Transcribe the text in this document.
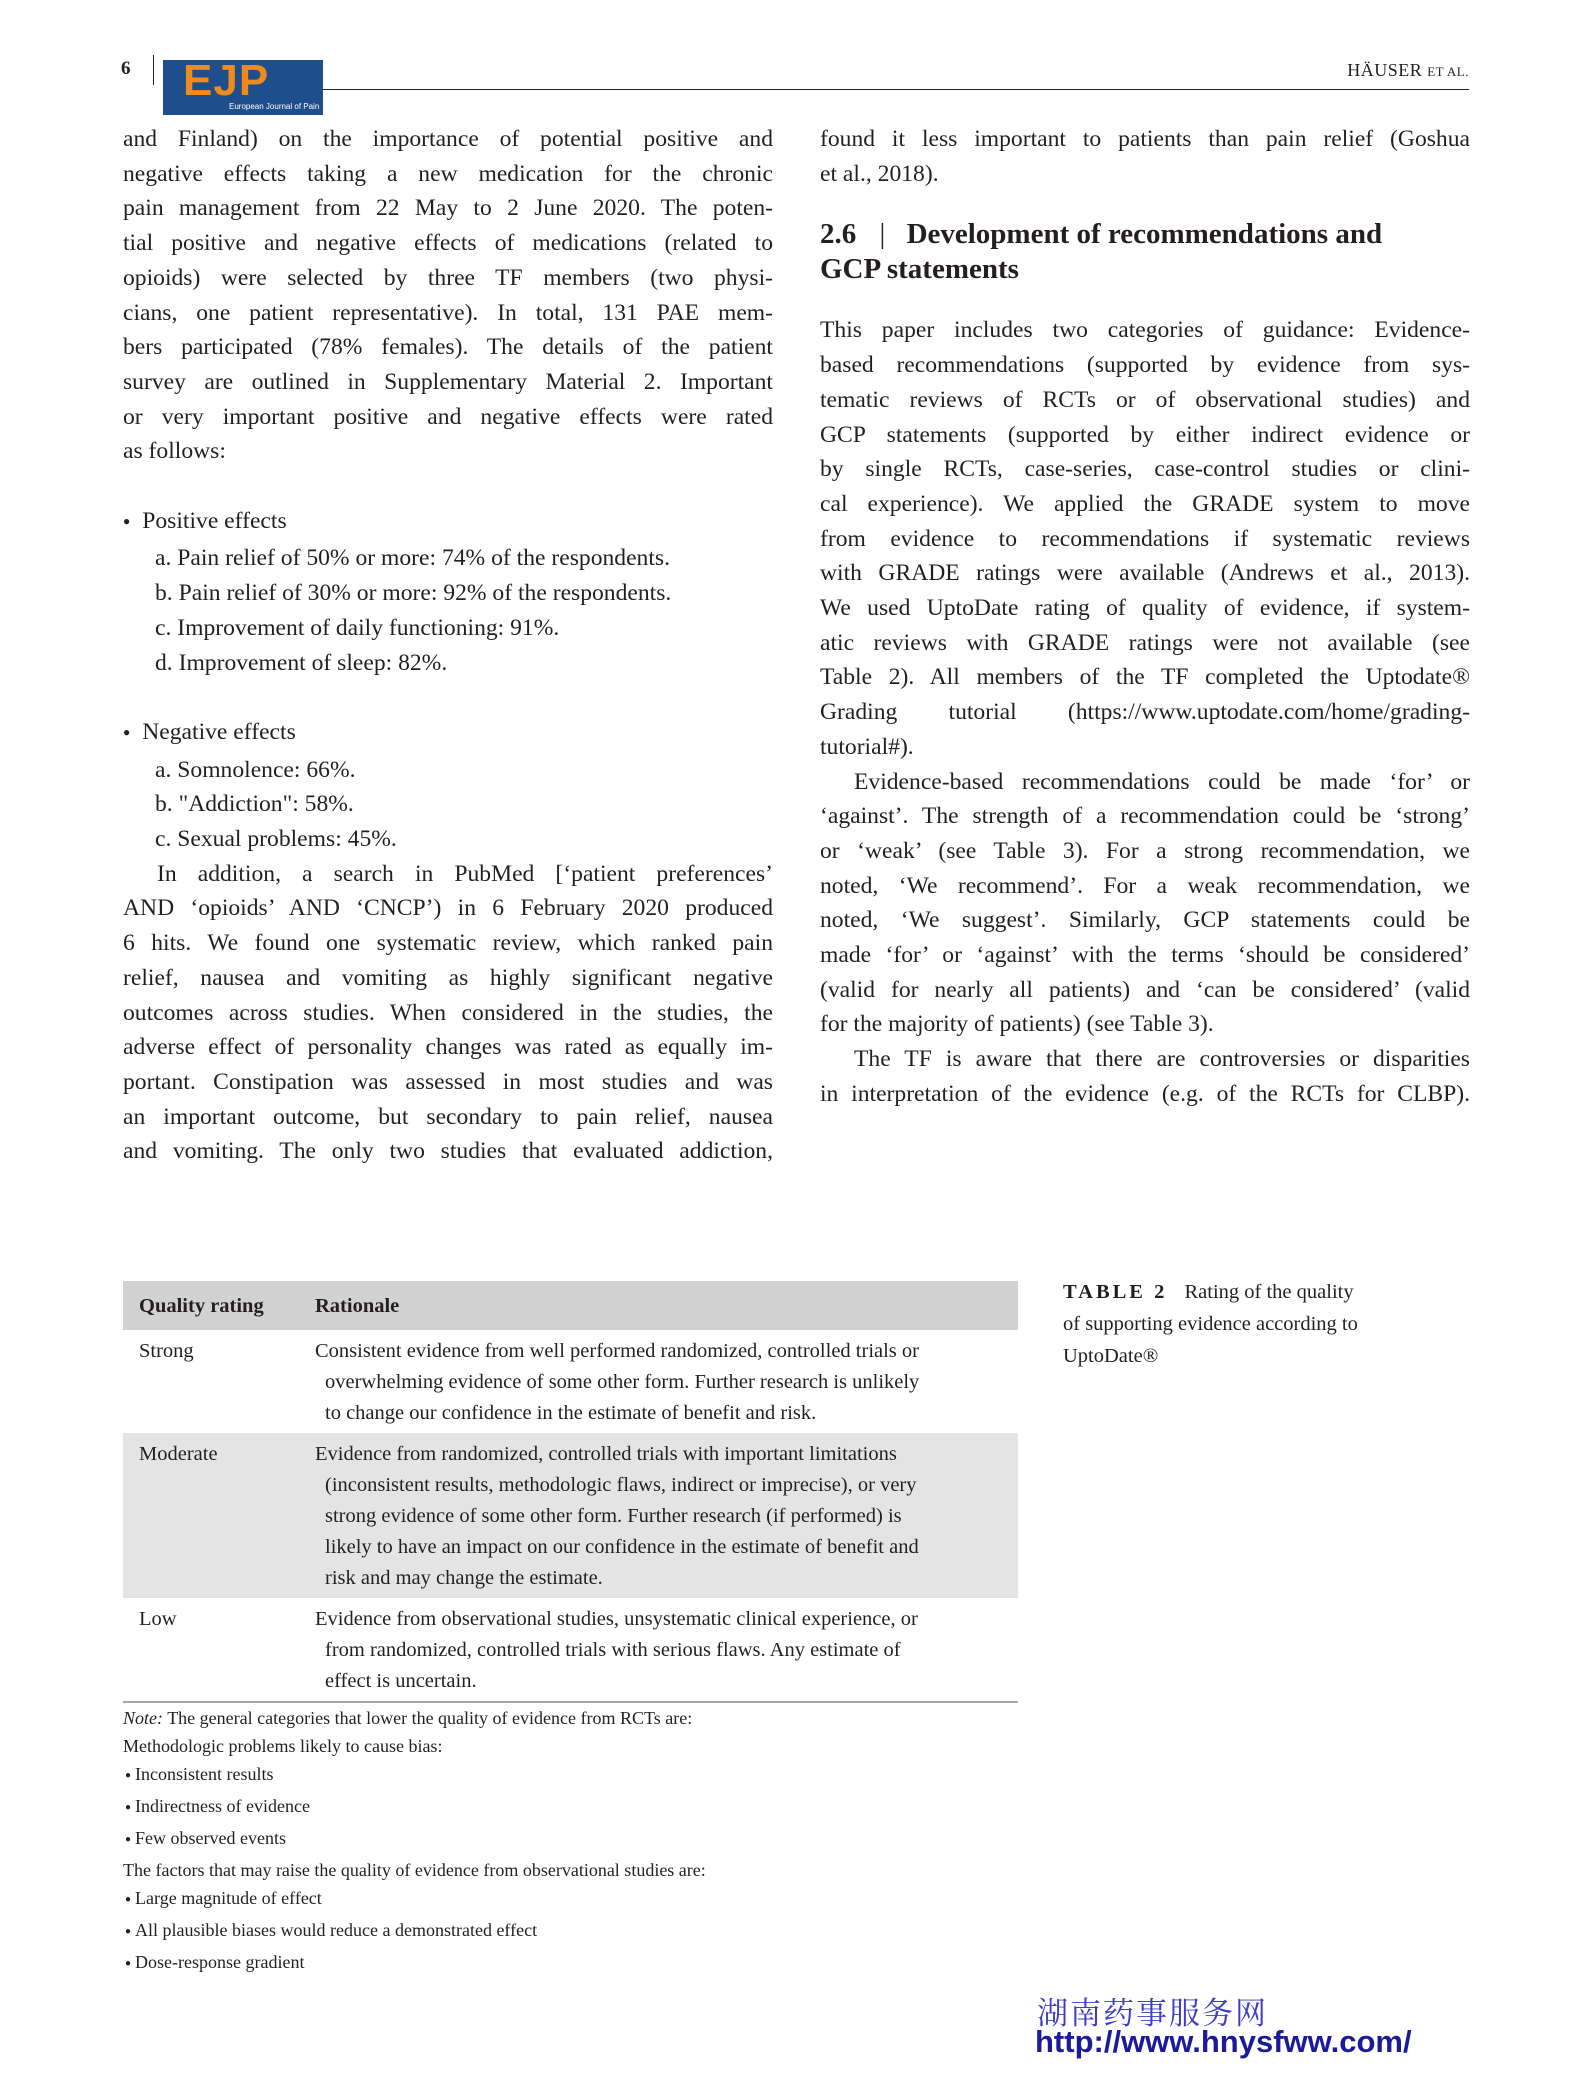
6 EJP
European Journal of Pain
HÄUSER ET AL.
and Finland) on the importance of potential positive and
negative effects taking a new medication for the chronic
pain management from 22 May to 2 June 2020. The poten-
tial positive and negative effects of medications (related to
opioids) were selected by three TF members (two physi-
cians, one patient representative). In total, 131 PAE mem-
bers participated (78% females). The details of the patient
survey are outlined in Supplementary Material 2. Important
or very important positive and negative effects were rated
as follows:
● Positive effects
a. Pain relief of 50% or more: 74% of the respondents.
b. Pain relief of 30% or more: 92% of the respondents.
c. Improvement of daily functioning: 91%.
d. Improvement of sleep: 82%.
● Negative effects
a. Somnolence: 66%.
b. "Addiction": 58%.
c. Sexual problems: 45%.
In addition, a search in PubMed [‘patient preferences’
AND ‘opioids’ AND ‘CNCP’) in 6 February 2020 produced
6 hits. We found one systematic review, which ranked pain
relief, nausea and vomiting as highly significant negative
outcomes across studies. When considered in the studies, the
adverse effect of personality changes was rated as equally im-
portant. Constipation was assessed in most studies and was
an important outcome, but secondary to pain relief, nausea
and vomiting. The only two studies that evaluated addiction,
found it less important to patients than pain relief (Goshua
et al., 2018).
2.6 | Development of recommendations and
GCP statements
This paper includes two categories of guidance: Evidence-
based recommendations (supported by evidence from sys-
tematic reviews of RCTs or of observational studies) and
GCP statements (supported by either indirect evidence or
by single RCTs, case-series, case-control studies or clini-
cal experience). We applied the GRADE system to move
from evidence to recommendations if systematic reviews
with GRADE ratings were available (Andrews et al., 2013).
We used UptoDate rating of quality of evidence, if system-
atic reviews with GRADE ratings were not available (see
Table 2). All members of the TF completed the Uptodate®
Grading tutorial (https://www.uptodate.com/home/grading-
tutorial#).
Evidence-based recommendations could be made ‘for’ or
‘against’. The strength of a recommendation could be ‘strong’
or ‘weak’ (see Table 3). For a strong recommendation, we
noted, ‘We recommend’. For a weak recommendation, we
noted, ‘We suggest’. Similarly, GCP statements could be
made ‘for’ or ‘against’ with the terms ‘should be considered’
(valid for nearly all patients) and ‘can be considered’ (valid
for the majority of patients) (see Table 3).
The TF is aware that there are controversies or disparities
in interpretation of the evidence (e.g. of the RCTs for CLBP).
Quality rating	Rationale
Strong	Consistent evidence from well performed randomized, controlled trials or
overwhelming evidence of some other form. Further research is unlikely
to change our confidence in the estimate of benefit and risk.
Moderate	Evidence from randomized, controlled trials with important limitations
(inconsistent results, methodologic flaws, indirect or imprecise), or very
strong evidence of some other form. Further research (if performed) is
likely to have an impact on our confidence in the estimate of benefit and
risk and may change the estimate.
Low	Evidence from observational studies, unsystematic clinical experience, or
from randomized, controlled trials with serious flaws. Any estimate of
effect is uncertain.
TABLE 2 Rating of the quality
of supporting evidence according to
UptoDate®
Note: The general categories that lower the quality of evidence from RCTs are:
Methodologic problems likely to cause bias:
● Inconsistent results
● Indirectness of evidence
● Few observed events
The factors that may raise the quality of evidence from observational studies are:
● Large magnitude of effect
● All plausible biases would reduce a demonstrated effect
● Dose-response gradient
湖南药事服务网
http://www.hnysfww.com/
